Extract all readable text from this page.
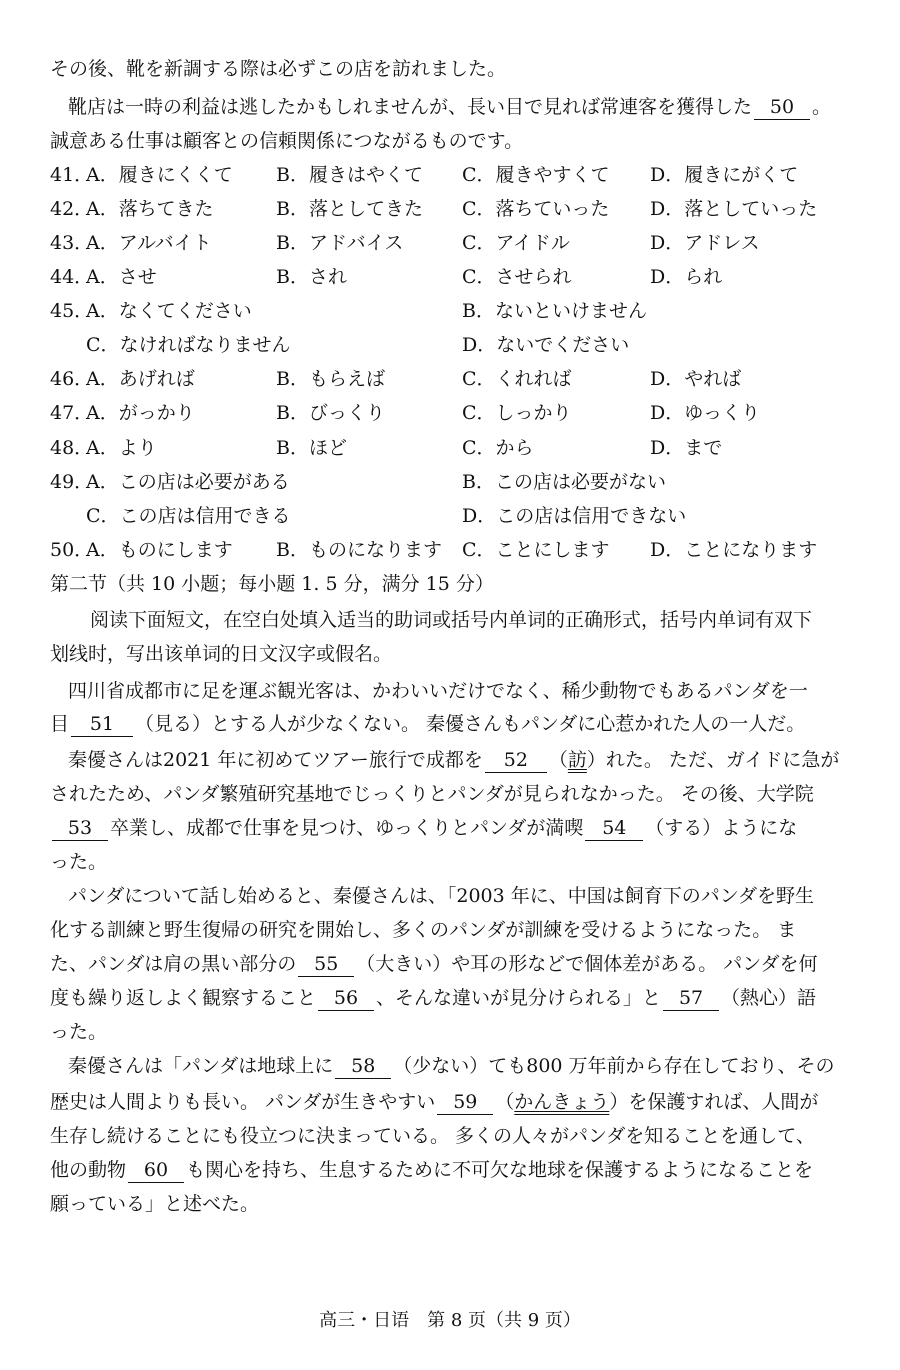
その後、靴を新調する際は必ずこの店を訪れました。
靴店は一時の利益は逃したかもしれませんが、長い目で見れば常連客を獲得した 50 。
誠意ある仕事は顧客との信頼関係につながるものです。
41．
A．履きにくくて B．履きはやくて C．履きやすくて D．履きにがくて
42．
A．落ちてきた	B．落としてきた C．落ちていった D．落としていった
43．
A．アルバイト	B．アドバイス	C．アイドル	D．アドレス
44．
A．させ	B．され	C．させられ	D．られ
45．
A．なくてください	B．ないといけません
C．なければなりません	D．ないでください
46．
A．あげれば	B．もらえば	C．くれれば	D．やれば
47．
A．がっかり	B．びっくり	C．しっかり	D．ゆっくり
48．
A．より	B．ほど	C．から	D．まで
49．
A．この店は必要がある	B．この店は必要がない
C．この店は信用できる	D．この店は信用できない
50．
A．ものにします B．ものになります C．ことにします D．ことになります
第二节（共 10 小题；每小题 1. 5 分，满分 15 分）
阅读下面短文，在空白处填入适当的助词或括号内单词的正确形式，括号内单词有双下
划线时，写出该单词的日文汉字或假名。
四川省成都市に足を運ぶ観光客は、かわいいだけでなく、稀少動物でもあるパンダを一
目 51 （見る）とする人が少なくない。 秦優さんもパンダに心惹かれた人の一人だ。
秦優さんは2021 年に初めてツアー旅行で成都を 52 （訪）れた。 ただ、ガイドに急が
されたため、パンダ繁殖研究基地でじっくりとパンダが見られなかった。 その後、大学院
53 卒業し、成都で仕事を見つけ、ゆっくりとパンダが満喫 54 （する）ようにな
った。
パンダについて話し始めると、秦優さんは、「2003 年に、中国は飼育下のパンダを野生
化する訓練と野生復帰の研究を開始し、多くのパンダが訓練を受けるようになった。 ま
た、パンダは肩の黒い部分の 55 （大きい）や耳の形などで個体差がある。 パンダを何
度も繰り返しよく観察すること 56 、そんな違いが見分けられる」と 57 （熱心）語
った。
秦優さんは「パンダは地球上に 58 （少ない）ても800 万年前から存在しており、その
歴史は人間よりも長い。 パンダが生きやすい 59 （かんきょう）を保護すれば、人間が
生存し続けることにも役立つに決まっている。 多くの人々がパンダを知ることを通して、
他の動物 60 も関心を持ち、生息するために不可欠な地球を保護するようになることを
願っている」と述べた。
高三・日语　第 8 页（共 9 页）
